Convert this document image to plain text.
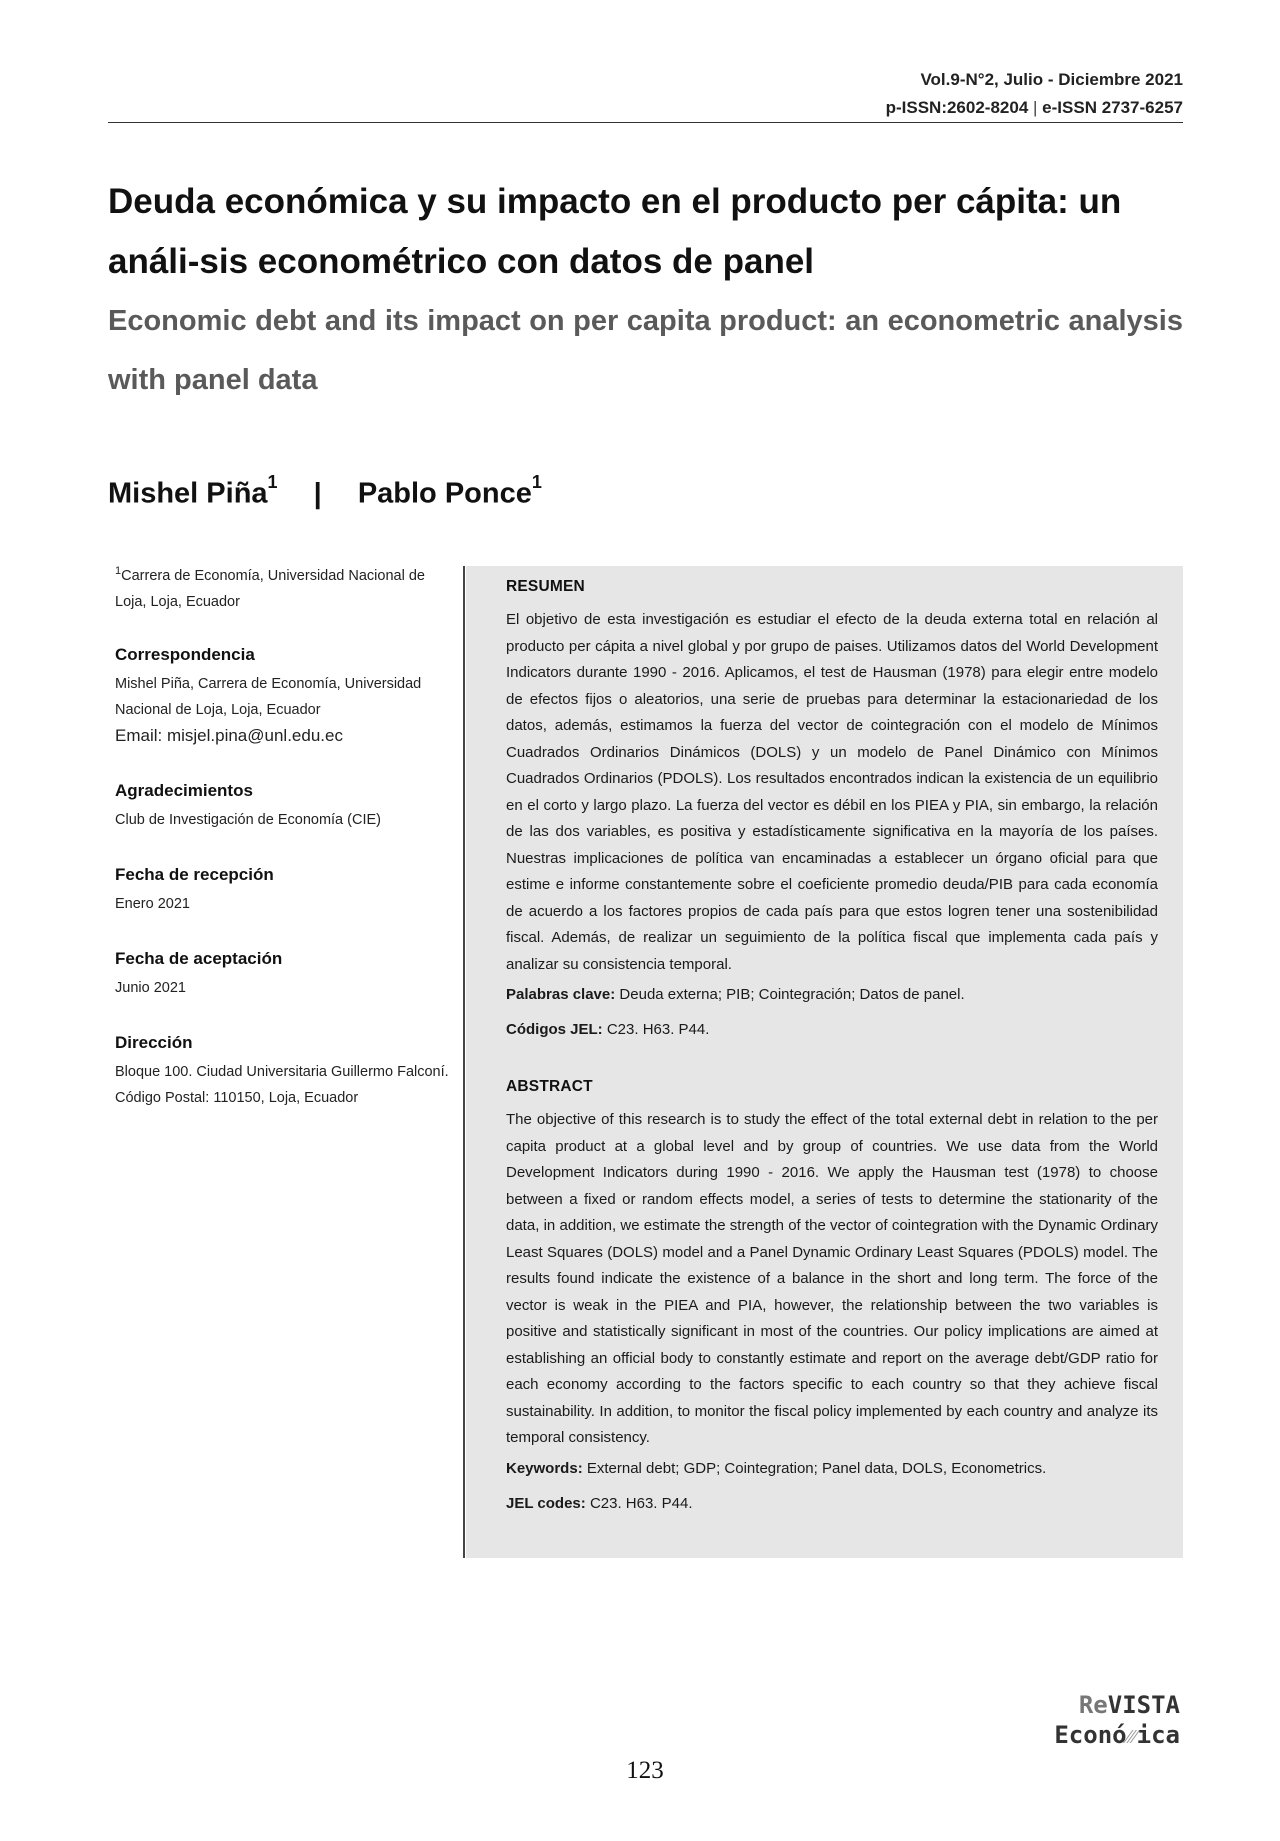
Vol.9-N°2, Julio - Diciembre 2021
p-ISSN:2602-8204 | e-ISSN 2737-6257
Deuda económica y su impacto en el producto per cápita: un análi-sis econométrico con datos de panel
Economic debt and its impact on per capita product: an econometric analysis with panel data
Mishel Piña$^1$ | Pablo Ponce$^1$
$^1$Carrera de Economía, Universidad Nacional de Loja, Loja, Ecuador
Correspondencia
Mishel Piña, Carrera de Economía, Universidad Nacional de Loja, Loja, Ecuador
Email: misjel.pina@unl.edu.ec
Agradecimientos
Club de Investigación de Economía (CIE)
Fecha de recepción
Enero 2021
Fecha de aceptación
Junio 2021
Dirección
Bloque 100. Ciudad Universitaria Guillermo Falconí. Código Postal: 110150, Loja, Ecuador
RESUMEN

El objetivo de esta investigación es estudiar el efecto de la deuda externa total en relación al producto per cápita a nivel global y por grupo de paises. Utilizamos datos del World Development Indicators durante 1990 - 2016. Aplicamos, el test de Hausman (1978) para elegir entre modelo de efectos fijos o aleatorios, una serie de pruebas para determinar la estacionariedad de los datos, además, estimamos la fuerza del vector de cointegración con el modelo de Mínimos Cuadrados Ordinarios Dinámicos (DOLS) y un modelo de Panel Dinámico con Mínimos Cuadrados Ordinarios (PDOLS). Los resultados encontrados indican la existencia de un equilibrio en el corto y largo plazo. La fuerza del vector es débil en los PIEA y PIA, sin embargo, la relación de las dos variables, es positiva y estadísticamente significativa en la mayoría de los países. Nuestras implicaciones de política van encaminadas a establecer un órgano oficial para que estime e informe constantemente sobre el coeficiente promedio deuda/PIB para cada economía de acuerdo a los factores propios de cada país para que estos logren tener una sostenibilidad fiscal. Además, de realizar un seguimiento de la política fiscal que implementa cada país y analizar su consistencia temporal.

Palabras clave: Deuda externa; PIB; Cointegración; Datos de panel.
Códigos JEL: C23. H63. P44.
ABSTRACT

The objective of this research is to study the effect of the total external debt in relation to the per capita product at a global level and by group of countries. We use data from the World Development Indicators during 1990 - 2016. We apply the Hausman test (1978) to choose between a fixed or random effects model, a series of tests to determine the stationarity of the data, in addition, we estimate the strength of the vector of cointegration with the Dynamic Ordinary Least Squares (DOLS) model and a Panel Dynamic Ordinary Least Squares (PDOLS) model. The results found indicate the existence of a balance in the short and long term. The force of the vector is weak in the PIEA and PIA, however, the relationship between the two variables is positive and statistically significant in most of the countries. Our policy implications are aimed at establishing an official body to constantly estimate and report on the average debt/GDP ratio for each economy according to the factors specific to each country so that they achieve fiscal sustainability. In addition, to monitor the fiscal policy implemented by each country and analyze its temporal consistency.

Keywords: External debt; GDP; Cointegration; Panel data, DOLS, Econometrics.
JEL codes: C23. H63. P44.
ReVISTA
Econó⁄⁄⁄ica
123
